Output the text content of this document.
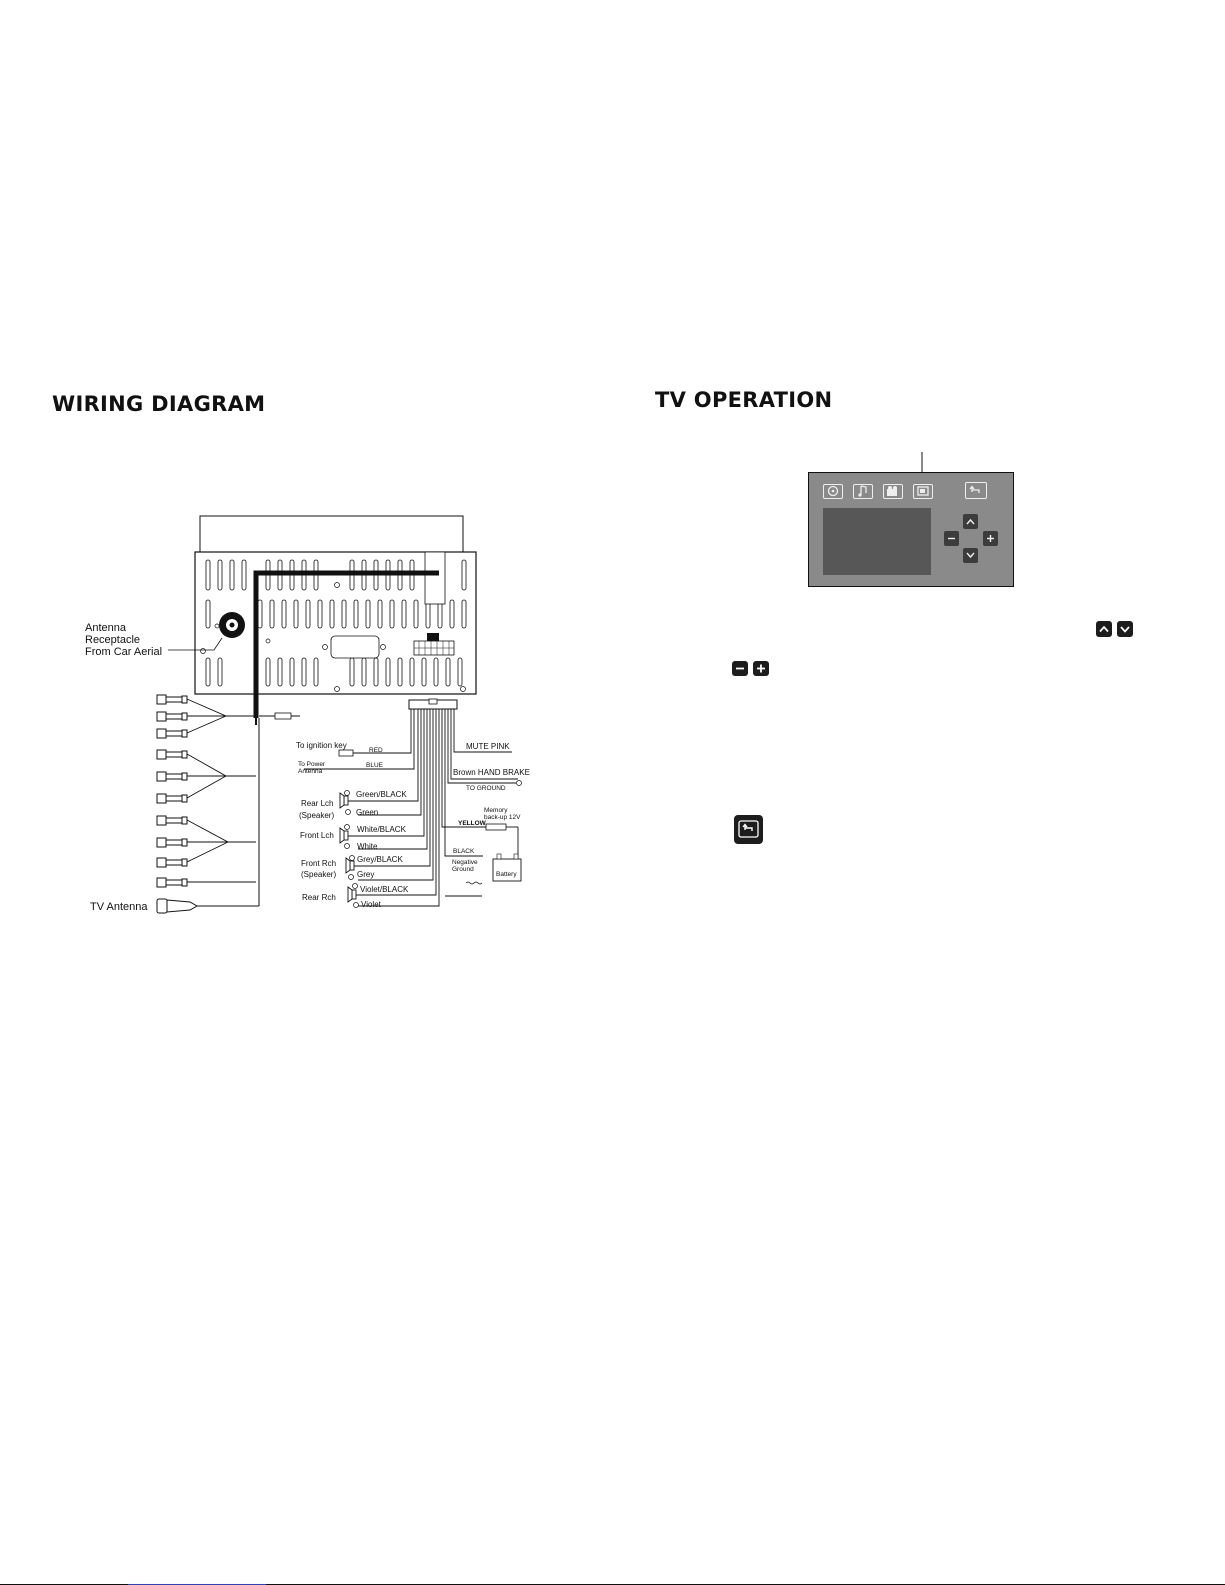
WIRING DIAGRAM	TV OPERATION
Antenna
Receptacle
From Car Aerial
TV Antenna
To ignition key
RED
To Power
Antenna
BLUE
MUTE PINK
Brown HAND BRAKE
TO GROUND
Memory
back-up 12V
YELLOW
BLACK
Negative
Ground
Battery
Rear Lch
(Speaker)
Green/BLACK
Green
Front Lch
White/BLACK
White
Front Rch
(Speaker)
Grey/BLACK
Grey
Rear Rch
Violet/BLACK
Violet
